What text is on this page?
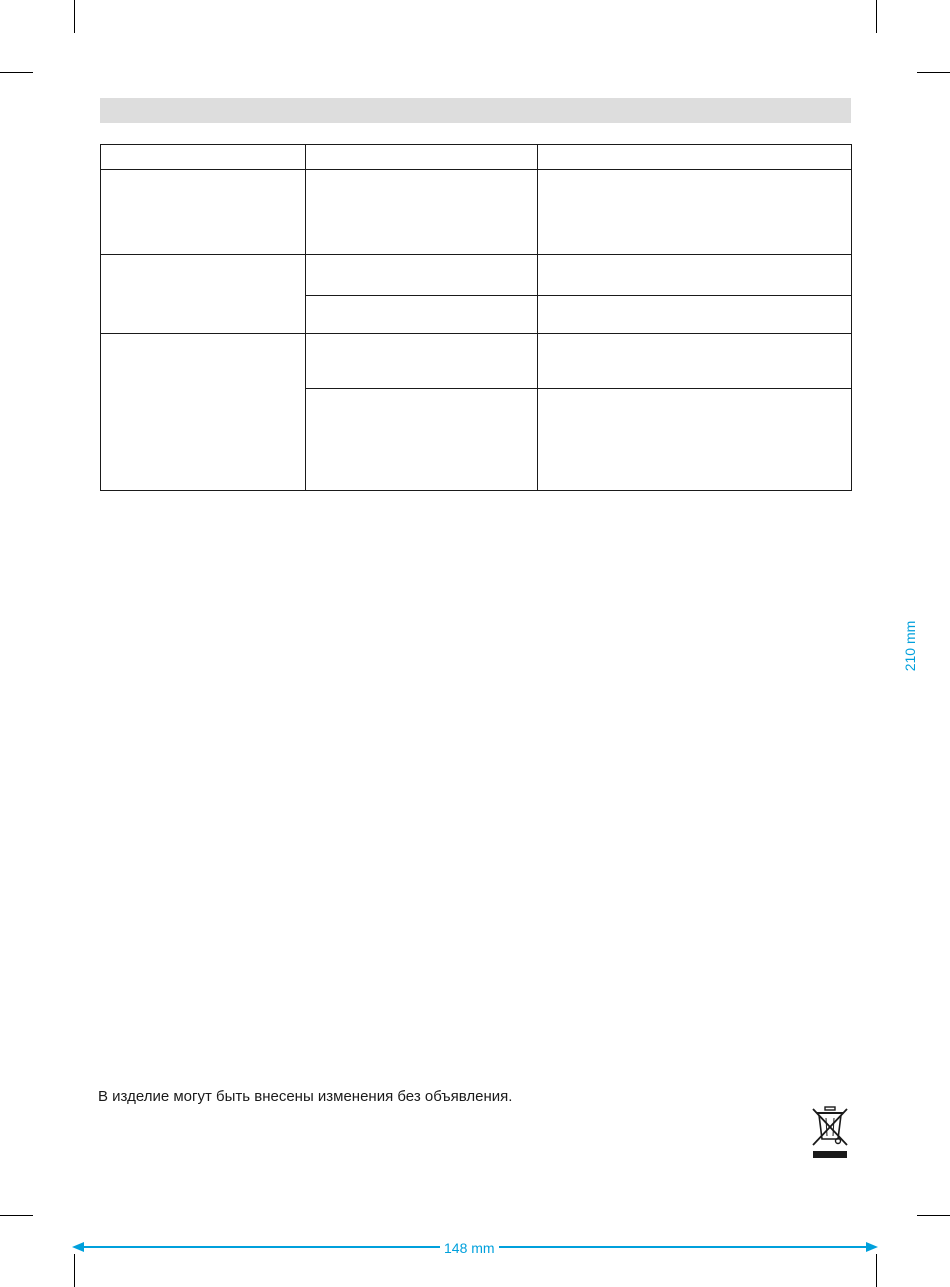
В изделие могут быть внесены изменения без объявления.
210 mm
148 mm
